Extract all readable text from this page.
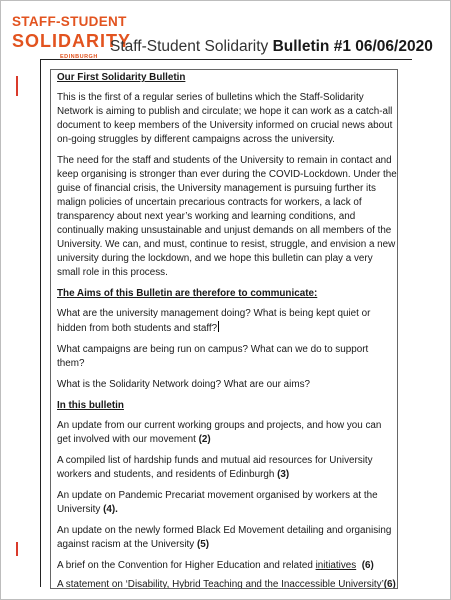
STAFF-STUDENT
SOLIDARITY
EDINBURGH
Staff-Student Solidarity Bulletin #1 06/06/2020

Our First Solidarity Bulletin

This is the first of a regular series of bulletins which the Staff-Solidarity Network is aiming to publish and circulate; we hope it can work as a catch-all document to keep members of the University informed on crucial news about on-going struggles by different campaigns across the university.

The need for the staff and students of the University to remain in contact and keep organising is stronger than ever during the COVID-Lockdown. Under the guise of financial crisis, the University management is pursuing further its malign policies of uncertain precarious contracts for workers, a lack of transparency about next year’s working and learning conditions, and continually making unsustainable and unjust demands on all members of the University. We can, and must, continue to resist, struggle, and envision a new university during the lockdown, and we hope this bulletin can play a very small role in this process.

The Aims of this Bulletin are therefore to communicate:

What are the university management doing? What is being kept quiet or hidden from both students and staff?

What campaigns are being run on campus? What can we do to support them?

What is the Solidarity Network doing? What are our aims?

In this bulletin

An update from our current working groups and projects, and how you can get involved with our movement (2)

A compiled list of hardship funds and mutual aid resources for University workers and students, and residents of Edinburgh (3)

An update on Pandemic Precariat movement organised by workers at the University (4).

An update on the newly formed Black Ed Movement detailing and organising against racism at the University (5)

A brief on the Convention for Higher Education and related initiatives (6)

A statement on ‘Disability, Hybrid Teaching and the Inaccessible University’(6)
